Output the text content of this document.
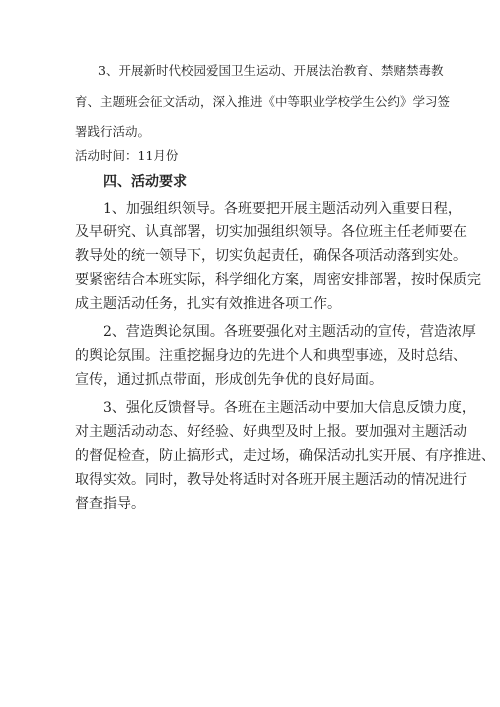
3、开展新时代校园爱国卫生运动、开展法治教育、禁赌禁毒教

育、主题班会征文活动，深入推进《中等职业学校学生公约》学习签

署践行活动。

活动时间：11月份

四、活动要求

1、加强组织领导。各班要把开展主题活动列入重要日程，

及早研究、认真部署，切实加强组织领导。各位班主任老师要在

教导处的统一领导下，切实负起责任，确保各项活动落到实处。

要紧密结合本班实际，科学细化方案，周密安排部署，按时保质完

成主题活动任务，扎实有效推进各项工作。

2、营造舆论氛围。各班要强化对主题活动的宣传，营造浓厚

的舆论氛围。注重挖掘身边的先进个人和典型事迹，及时总结、

宣传，通过抓点带面，形成创先争优的良好局面。

3、强化反馈督导。各班在主题活动中要加大信息反馈力度，

对主题活动动态、好经验、好典型及时上报。要加强对主题活动

的督促检查，防止搞形式，走过场，确保活动扎实开展、有序推进、

取得实效。同时，教导处将适时对各班开展主题活动的情况进行

督查指导。
